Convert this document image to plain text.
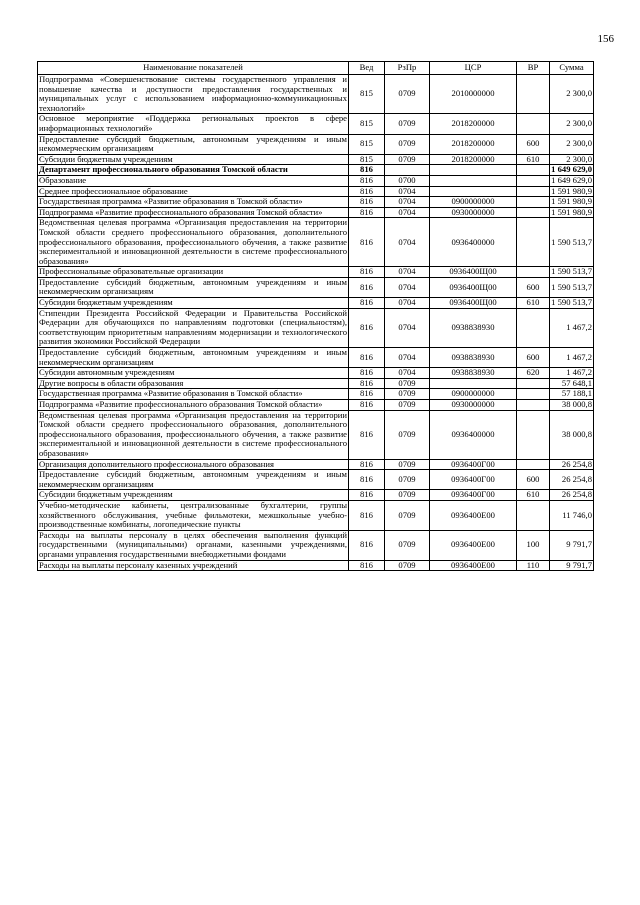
156
Наименование показателей	Вед	РзПр	ЦСР	ВР	Сумма
Подпрограмма «Совершенствование системы государственного управления и повышение качества и доступности предоставления государственных и муниципальных услуг с использованием информационно-коммуникационных технологий»	815	0709	2010000000		2 300,0
Основное мероприятие «Поддержка региональных проектов в сфере информационных технологий»	815	0709	2018200000		2 300,0
Предоставление субсидий бюджетным, автономным учреждениям и иным некоммерческим организациям	815	0709	2018200000	600	2 300,0
Субсидии бюджетным учреждениям	815	0709	2018200000	610	2 300,0
Департамент профессионального образования Томской области	816				1 649 629,0
Образование	816	0700			1 649 629,0
Среднее профессиональное образование	816	0704			1 591 980,9
Государственная программа «Развитие образования в Томской области»	816	0704	0900000000		1 591 980,9
Подпрограмма «Развитие профессионального образования Томской области»	816	0704	0930000000		1 591 980,9
Ведомственная целевая программа «Организация предоставления на территории Томской области среднего профессионального образования, дополнительного профессионального образования, профессионального обучения, а также развитие экспериментальной и инновационной деятельности в системе профессионального образования»	816	0704	0936400000		1 590 513,7
Профессиональные образовательные организации	816	0704	0936400Щ00		1 590 513,7
Предоставление субсидий бюджетным, автономным учреждениям и иным некоммерческим организациям	816	0704	0936400Щ00	600	1 590 513,7
Субсидии бюджетным учреждениям	816	0704	0936400Щ00	610	1 590 513,7
Стипендии Президента Российской Федерации и Правительства Российской Федерации для обучающихся по направлениям подготовки (специальностям), соответствующим приоритетным направлениям модернизации и технологического развития экономики Российской Федерации	816	0704	0938838930		1 467,2
Предоставление субсидий бюджетным, автономным учреждениям и иным некоммерческим организациям	816	0704	0938838930	600	1 467,2
Субсидии автономным учреждениям	816	0704	0938838930	620	1 467,2
Другие вопросы в области образования	816	0709			57 648,1
Государственная программа «Развитие образования в Томской области»	816	0709	0900000000		57 188,1
Подпрограмма «Развитие профессионального образования Томской области»	816	0709	0930000000		38 000,8
Ведомственная целевая программа «Организация предоставления на территории Томской области среднего профессионального образования, дополнительного профессионального образования, профессионального обучения, а также развитие экспериментальной и инновационной деятельности в системе профессионального образования»	816	0709	0936400000		38 000,8
Организация дополнительного профессионального образования	816	0709	0936400Г00		26 254,8
Предоставление субсидий бюджетным, автономным учреждениям и иным некоммерческим организациям	816	0709	0936400Г00	600	26 254,8
Субсидии бюджетным учреждениям	816	0709	0936400Г00	610	26 254,8
Учебно-методические кабинеты, централизованные бухгалтерии, группы хозяйственного обслуживания, учебные фильмотеки, межшкольные учебно-производственные комбинаты, логопедические пункты	816	0709	0936400Е00		11 746,0
Расходы на выплаты персоналу в целях обеспечения выполнения функций государственными (муниципальными) органами, казенными учреждениями, органами управления государственными внебюджетными фондами	816	0709	0936400Е00	100	9 791,7
Расходы на выплаты персоналу казенных учреждений	816	0709	0936400Е00	110	9 791,7
